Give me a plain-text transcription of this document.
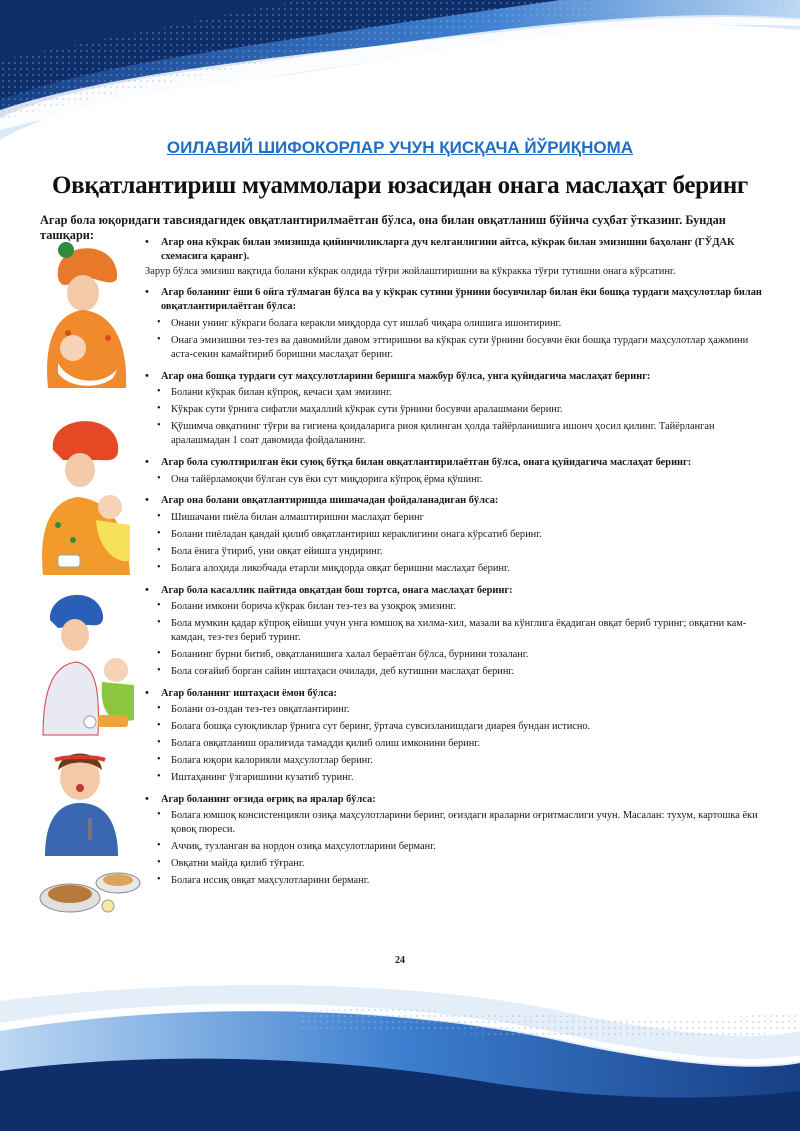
ОИЛАВИЙ ШИФОКОРЛАР УЧУН ҚИСҚАЧА ЙЎРИҚНОМА
Овқатлантириш муаммолари юзасидан онага маслаҳат беринг
Агар бола юқоридаги тавсиядагидек овқатлантирилмаётган бўлса, она билан овқатланиш бўйича суҳбат ўтказинг. Бундан ташқари:
• Агар она кўкрак билан эмизишда қийинчиликларга дуч келганлигини айтса, кўкрак билан эмизишни баҳоланг (ГЎДАК схемасига қаранг).

Зарур бўлса эмизиш вақтида болани кўкрак олдида тўғри жойлаштиришни ва кўкракка тўғри тутишни онага кўрсатинг.

• Агар боланинг ёши 6 ойга тўлмаган бўлса ва у кўкрак сутини ўрнини босувчилар билан ёки бошқа турдаги маҳсулотлар билан овқатлантирилаётган бўлса:
• Онани унинг кўкраги болага керакли миқдорда сут ишлаб чиқара олишига ишонтиринг.
• Онага эмизишни тез-тез ва давомийли давом эттиришни ва кўкрак сути ўрнини босувчи ёки бошқа турдаги маҳсулотлар ҳажмини аста-секин камайтириб боришни маслаҳат беринг.
• Агар она бошқа турдаги сут маҳсулотларини беришга мажбур бўлса, унга қуйидагича маслаҳат беринг:
• Болани кўкрак билан кўпроқ, кечаси ҳам эмизинг.
• Кўкрак сути ўрнига сифатли маҳаллий кўкрак сути ўрнини босувчи аралашмани беринг.
• Қўшимча овқатнинг тўғри ва гигиена қоидаларига риоя қилинган ҳолда тайёрланишига ишонч ҳосил қилинг. Тайёрланган аралашмадан 1 соат давомида фойдаланинг.
• Агар бола суюлтирилган ёки суюқ бўтқа билан овқатлантирилаётган бўлса, онага қуйидагича маслаҳат беринг:
• Она тайёрламоқчи бўлган сув ёки сут миқдорига кўпроқ ёрма қўшинг.
• Агар она болани овқатлантиришда шишачадан фойдаланадиган бўлса:
• Шишачани пиёла билан алмаштиришни маслаҳат беринг
• Болани пиёладан қандай қилиб овқатлантириш кераклигини онага кўрсатиб беринг.
• Бола ёнига ўтириб, уни овқат ейишга ундиринг.
• Болага алоҳида ликобчада етарли миқдорда овқат беришни маслаҳат беринг.
• Агар бола касаллик пайтида овқатдан бош тортса, онага маслаҳат беринг:
• Болани имкони борича кўкрак билан тез-тез ва узоқроқ эмизинг.
• Бола мумкин қадар кўпроқ ейиши учун унга юмшоқ ва хилма-хил, мазали ва кўнглига ёқадиган овқат бериб туринг; овқатни кам-камдан, тез-тез бериб туринг.
• Боланинг бурни битиб, овқатланишига халал бераётган бўлса, бурнини тозаланг.
• Бола соғайиб борган сайин иштаҳаси очилади, деб кутишни маслаҳат беринг.
• Агар боланинг иштаҳаси ёмон бўлса:
• Болани оз-оздан тез-тез овқатлантиринг.
• Болага бошқа суюқликлар ўрнига сут беринг, ўртача сувсизланишдаги диарея бундан истисно.
• Болага овқатланиш оралиғида тамадди қилиб олиш имконини беринг.
• Болага юқори калорияли маҳсулотлар беринг.
• Иштаҳанинг ўзгаришини кузатиб туринг.
• Агар боланинг оғзида оғриқ ва яралар бўлса:
• Болага юмшоқ консистенцияли озиқа маҳсулотларини беринг, оғиздаги яраларни оғритмаслиги учун. Масалан: тухум, картошка ёки қовоқ пюреси.
• Аччиқ, тузланган ва нордон озиқа маҳсулотларини берманг.
• Овқатни майда қилиб тўғранг.
• Болага иссиқ овқат маҳсулотларини берманг.
24
